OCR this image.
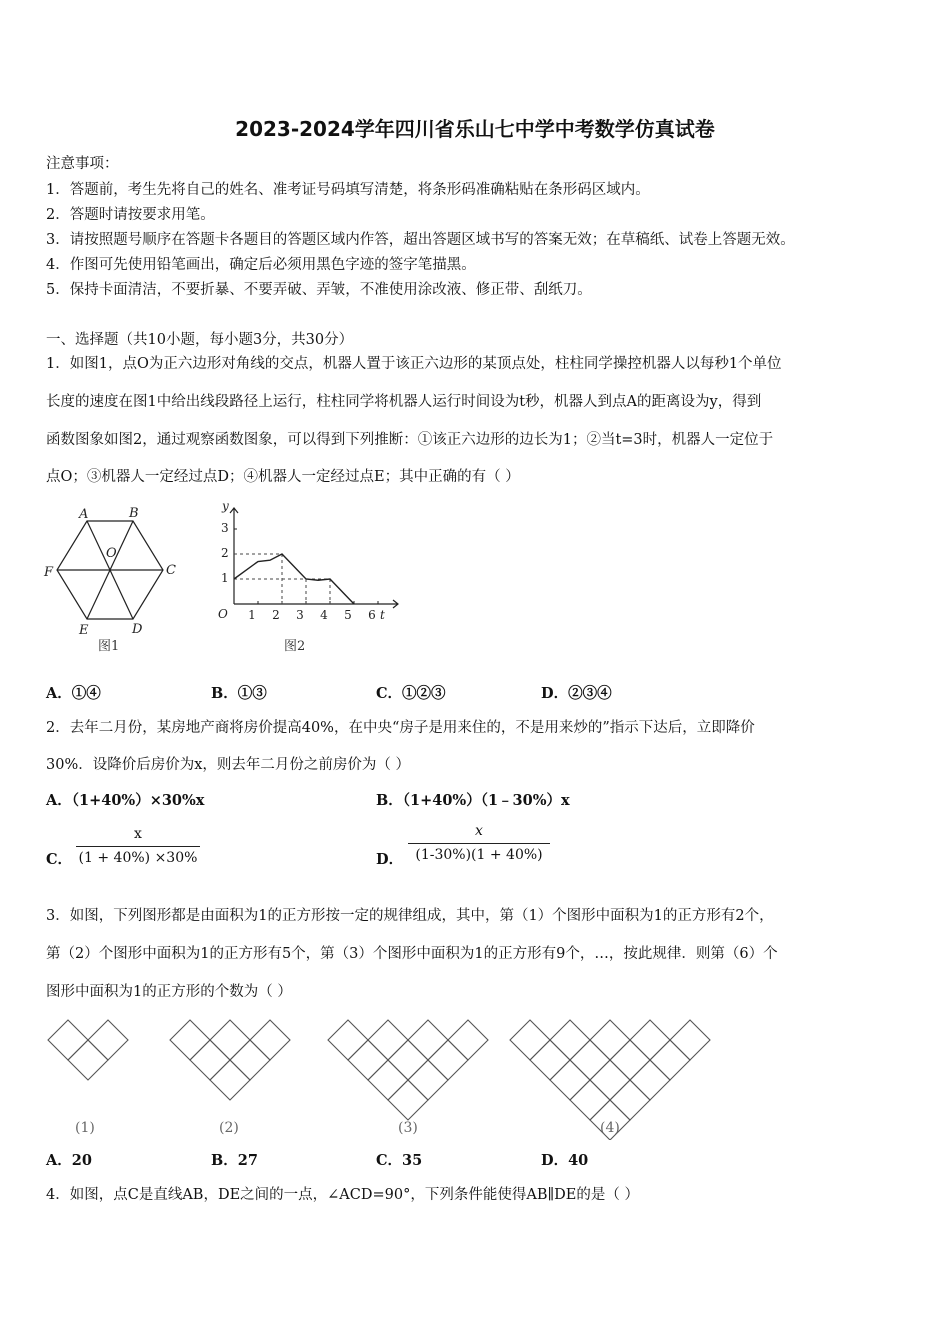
2023-2024学年四川省乐山七中学中考数学仿真试卷
注意事项：
1．答题前，考生先将自己的姓名、准考证号码填写清楚，将条形码准确粘贴在条形码区域内。
2．答题时请按要求用笔。
3．请按照题号顺序在答题卡各题目的答题区域内作答，超出答题区域书写的答案无效；在草稿纸、试卷上答题无效。
4．作图可先使用铅笔画出，确定后必须用黑色字迹的签字笔描黑。
5．保持卡面清洁，不要折暴、不要弄破、弄皱，不准使用涂改液、修正带、刮纸刀。
一、选择题（共10小题，每小题3分，共30分）
1．如图1，点O为正六边形对角线的交点，机器人置于该正六边形的某顶点处，柱柱同学操控机器人以每秒1个单位
长度的速度在图1中给出线段路径上运行，柱柱同学将机器人运行时间设为t秒，机器人到点A的距离设为y，得到
函数图象如图2，通过观察函数图象，可以得到下列推断：①该正六边形的边长为1；②当t=3时，机器人一定位于
点O；③机器人一定经过点D；④机器人一定经过点E；其中正确的有（ ）
A	B
C
D
E
F
O
图1
y
t
O 1 2 3 4 5 6
1
2
3
图2
A．①④	B．①③	C．①②③	D．②③④
2．去年二月份，某房地产商将房价提高40%，在中央“房子是用来住的，不是用来炒的”指示下达后，立即降价
30%．设降价后房价为x，则去年二月份之前房价为（ ）
A．（1+40%）×30%x	B．（1+40%）（1﹣30%）x
C．
x
(1 + 40%) ×30%	D．
x
(1-30%)(1 + 40%)
3．如图，下列图形都是由面积为1的正方形按一定的规律组成，其中，第（1）个图形中面积为1的正方形有2个，
第（2）个图形中面积为1的正方形有5个，第（3）个图形中面积为1的正方形有9个，…，按此规律．则第（6）个
图形中面积为1的正方形的个数为（ ）
(1)	(2)	(3)	(4)
A．20	B．27	C．35	D．40
4．如图，点C是直线AB，DE之间的一点，∠ACD=90°，下列条件能使得AB∥DE的是（ ）
